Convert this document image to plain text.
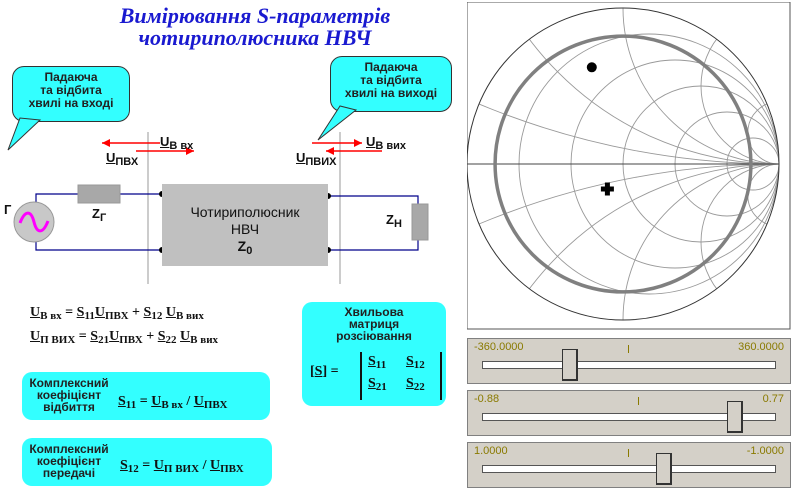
Вимірювання S-параметрів
чотириполюсника НВЧ
Падаюча
та відбита
хвилі на вході
Падаюча
та відбита
хвилі на виході
Чотириполюсник
НВЧ
$Z_0$
$U_{В вх}$
$U_{ПВХ}$
$U_{В вих}$
$U_{ПВИХ}$
Г	$Z_Г$	$Z_Н$
$U_{В вх} = S_{11}U_{ПВХ} + S_{12}$ $U_{В вих}$
$U_{П ВИХ} = S_{21}U_{ПВХ} + S_{22}$ $U_{В вих}$
Хвильова
матриця
розсіювання
[S] =
$S_{11}$ $S_{12}$
$S_{21}$ $S_{22}$
Комплексний
коефіцієнт
відбиття	$S_{11} = U_{В вх} / U_{ПВХ}$
Комплексний
коефіцієнт
передачі	$S_{12} = U_{П ВИХ} / U_{ПВХ}$
-360.0000	360.0000
-0.88	0.77
1.0000	-1.0000
